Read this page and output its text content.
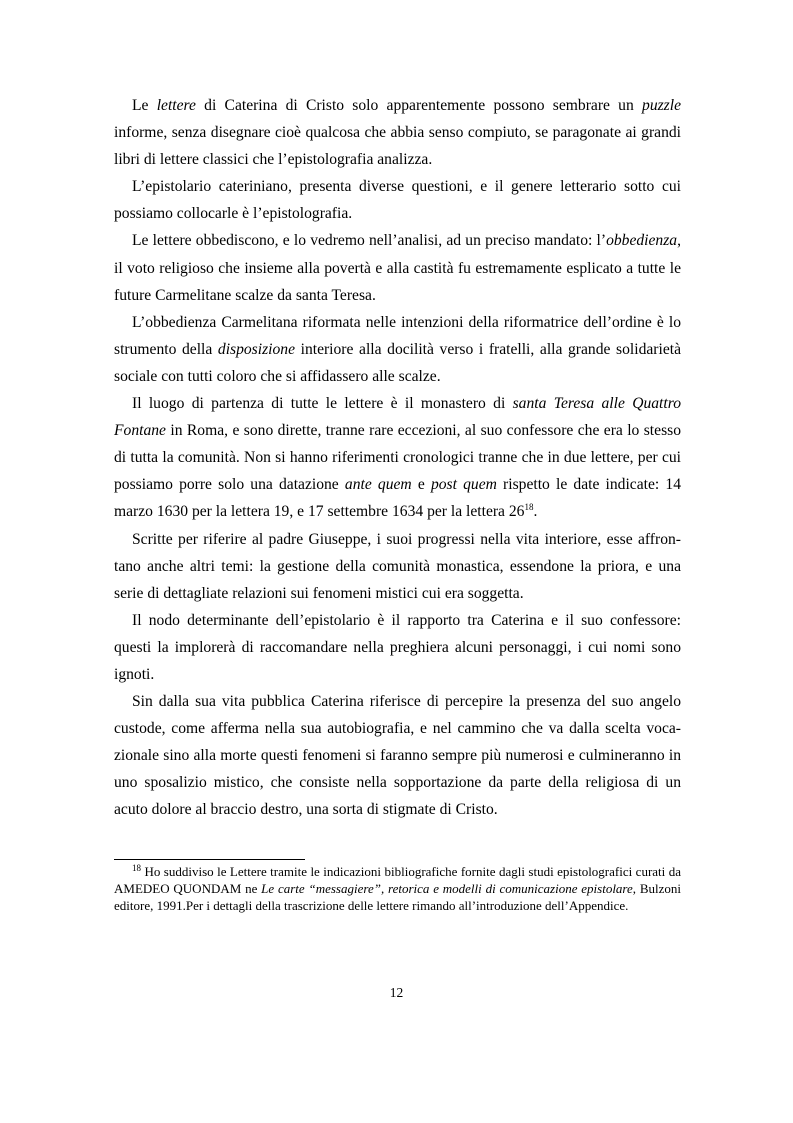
Le lettere di Caterina di Cristo solo apparentemente possono sembrare un puzzle informe, senza disegnare cioè qualcosa che abbia senso compiuto, se paragonate ai grandi libri di lettere classici che l’epistolografia analizza.

L’epistolario cateriniano, presenta diverse questioni, e il genere letterario sotto cui possiamo collocarle è l’epistolografia.

Le lettere obbediscono, e lo vedremo nell’analisi, ad un preciso mandato: l’obbedienza, il voto religioso che insieme alla povertà e alla castità fu estremamente esplicato a tutte le future Carmelitane scalze da santa Teresa.

L’obbedienza Carmelitana riformata nelle intenzioni della riformatrice dell’ordine è lo strumento della disposizione interiore alla docilità verso i fratelli, alla grande solidarietà sociale con tutti coloro che si affidassero alle scalze.

Il luogo di partenza di tutte le lettere è il monastero di santa Teresa alle Quattro Fontane in Roma, e sono dirette, tranne rare eccezioni, al suo confessore che era lo stesso di tutta la comunità. Non si hanno riferimenti cronologici tranne che in due lettere, per cui possiamo porre solo una datazione ante quem e post quem rispetto le date indicate: 14 marzo 1630 per la lettera 19, e 17 settembre 1634 per la lettera $26^{18}$.

Scritte per riferire al padre Giuseppe, i suoi progressi nella vita interiore, esse affrontano anche altri temi: la gestione della comunità monastica, essendone la priora, e una serie di dettagliate relazioni sui fenomeni mistici cui era soggetta.

Il nodo determinante dell’epistolario è il rapporto tra Caterina e il suo confessore: questi la implorerà di raccomandare nella preghiera alcuni personaggi, i cui nomi sono ignoti.

Sin dalla sua vita pubblica Caterina riferisce di percepire la presenza del suo angelo custode, come afferma nella sua autobiografia, e nel cammino che va dalla scelta vocazionale sino alla morte questi fenomeni si faranno sempre più numerosi e culmineranno in uno sposalizio mistico, che consiste nella sopportazione da parte della religiosa di un acuto dolore al braccio destro, una sorta di stigmate di Cristo.

$^{18}$ Ho suddiviso le Lettere tramite le indicazioni bibliografiche fornite dagli studi epistolografici curati da AMEDEO QUONDAM ne Le carte “messagiere”, retorica e modelli di comunicazione epistolare, Bulzoni editore, 1991.Per i dettagli della trascrizione delle lettere rimando all’introduzione dell’Appendice.

12
